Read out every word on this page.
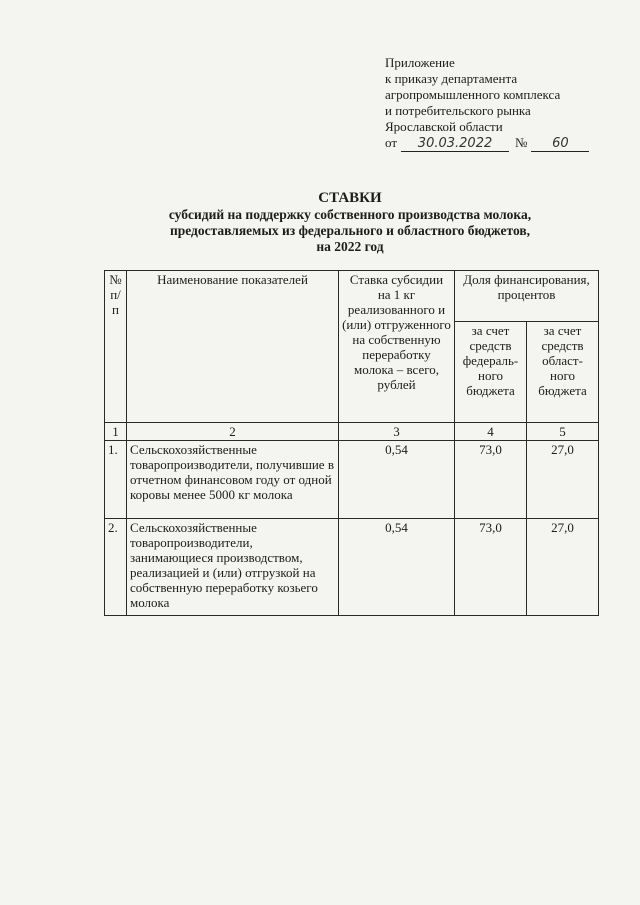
Приложение
к приказу департамента
агропромышленного комплекса
и потребительского рынка
Ярославской области
от	30.03.2022	№	60
СТАВКИ
субсидий на поддержку собственного производства молока,
предоставляемых из федерального и областного бюджетов,
на 2022 год
№ п/п	Наименование показателей	Ставка субсидии на 1 кг реализованного и (или) отгруженного на собственную переработку молока – всего, рублей	Доля финансирования, процентов	
			за счет средств федераль-ного бюджета	за счет средств област-ного бюджета
1	2	3	4	5
1.	Сельскохозяйственные товаропроизводители, получившие в отчетном финансовом году от одной коровы менее 5000 кг молока	0,54	73,0	27,0
2.	Сельскохозяйственные товаропроизводители, занимающиеся производством, реализацией и (или) отгрузкой на собственную переработку козьего молока	0,54	73,0	27,0
